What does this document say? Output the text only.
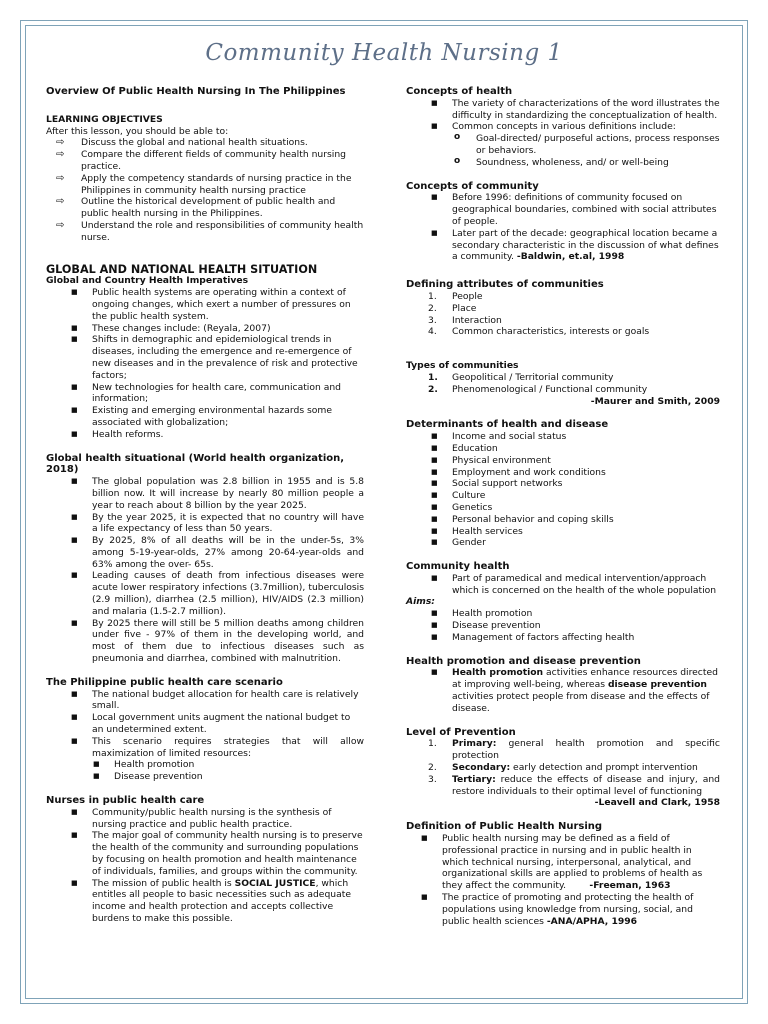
Community Health Nursing 1

Overview Of Public Health Nursing In The Philippines

LEARNING OBJECTIVES

After this lesson, you should be able to:

⇨ Discuss the global and national health situations.
⇨ Compare the different fields of community health nursing practice.
⇨ Apply the competency standards of nursing practice in the Philippines in community health nursing practice
⇨ Outline the historical development of public health and public health nursing in the Philippines.
⇨ Understand the role and responsibilities of community health nurse.

GLOBAL AND NATIONAL HEALTH SITUATION

Global and Country Health Imperatives

■ Public health systems are operating within a context of ongoing changes, which exert a number of pressures on the public health system.
■ These changes include: (Reyala, 2007)
■ Shifts in demographic and epidemiological trends in diseases, including the emergence and re-emergence of new diseases and in the prevalence of risk and protective factors;
■ New technologies for health care, communication and information;
■ Existing and emerging environmental hazards some associated with globalization;
■ Health reforms.

Global health situational (World health organization, 2018)

■ The global population was 2.8 billion in 1955 and is 5.8 billion now. It will increase by nearly 80 million people a year to reach about 8 billion by the year 2025.
■ By the year 2025, it is expected that no country will have a life expectancy of less than 50 years.
■ By 2025, 8% of all deaths will be in the under-5s, 3% among 5-19-year-olds, 27% among 20-64-year-olds and 63% among the over- 65s.
■ Leading causes of death from infectious diseases were acute lower respiratory infections (3.7million), tuberculosis (2.9 million), diarrhea (2.5 million), HIV/AIDS (2.3 million) and malaria (1.5-2.7 million).
■ By 2025 there will still be 5 million deaths among children under five - 97% of them in the developing world, and most of them due to infectious diseases such as pneumonia and diarrhea, combined with malnutrition.

The Philippine public health care scenario

■ The national budget allocation for health care is relatively small.
■ Local government units augment the national budget to an undetermined extent.
■ This scenario requires strategies that will allow maximization of limited resources:
■ Health promotion
■ Disease prevention

Nurses in public health care

■ Community/public health nursing is the synthesis of nursing practice and public health practice.
■ The major goal of community health nursing is to preserve the health of the community and surrounding populations by focusing on health promotion and health maintenance of individuals, families, and groups within the community.
■ The mission of public health is SOCIAL JUSTICE, which entitles all people to basic necessities such as adequate income and health protection and accepts collective burdens to make this possible.

Concepts of health

■ The variety of characterizations of the word illustrates the difficulty in standardizing the conceptualization of health.
■ Common concepts in various definitions include:
o Goal-directed/ purposeful actions, process responses or behaviors.
o Soundness, wholeness, and/ or well-being

Concepts of community

■ Before 1996: definitions of community focused on geographical boundaries, combined with social attributes of people.
■ Later part of the decade: geographical location became a secondary characteristic in the discussion of what defines a community. -Baldwin, et.al, 1998

Defining attributes of communities

1. People
2. Place
3. Interaction
4. Common characteristics, interests or goals

Types of communities

1. Geopolitical / Territorial community
2. Phenomenological / Functional community

-Maurer and Smith, 2009

Determinants of health and disease

■ Income and social status
■ Education
■ Physical environment
■ Employment and work conditions
■ Social support networks
■ Culture
■ Genetics
■ Personal behavior and coping skills
■ Health services
■ Gender

Community health

■ Part of paramedical and medical intervention/approach which is concerned on the health of the whole population

Aims:

■ Health promotion
■ Disease prevention
■ Management of factors affecting health

Health promotion and disease prevention

■ Health promotion activities enhance resources directed at improving well-being, whereas disease prevention activities protect people from disease and the effects of disease.

Level of Prevention

1. Primary: general health promotion and specific protection
2. Secondary: early detection and prompt intervention
3. Tertiary: reduce the effects of disease and injury, and restore individuals to their optimal level of functioning

-Leavell and Clark, 1958

Definition of Public Health Nursing

■ Public health nursing may be defined as a field of professional practice in nursing and in public health in which technical nursing, interpersonal, analytical, and organizational skills are applied to problems of health as they affect the community.	-Freeman, 1963
■ The practice of promoting and protecting the health of populations using knowledge from nursing, social, and public health sciences -ANA/APHA, 1996
